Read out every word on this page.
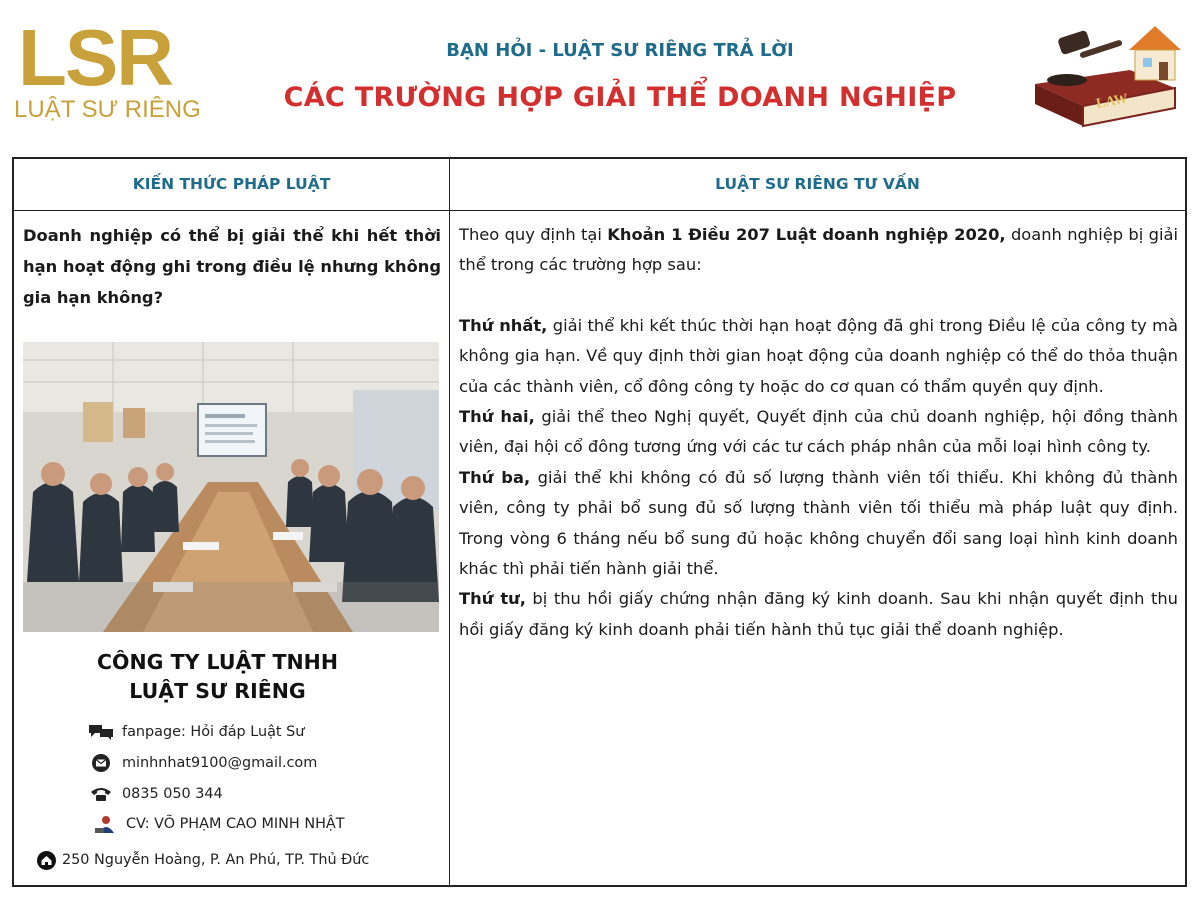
LSR
LUẬT SƯ RIÊNG
BẠN HỎI - LUẬT SƯ RIÊNG TRẢ LỜI
CÁC TRƯỜNG HỢP GIẢI THỂ DOANH NGHIỆP	LAW
KIẾN THỨC PHÁP LUẬT	LUẬT SƯ RIÊNG TƯ VẤN
Doanh nghiệp có thể bị giải thể khi hết thời hạn hoạt động ghi trong điều lệ nhưng không gia hạn không?
CÔNG TY LUẬT TNHH
LUẬT SƯ RIÊNG
fanpage: Hỏi đáp Luật Sư
minhnhat9100@gmail.com
0835 050 344
CV: VÕ PHẠM CAO MINH NHẬT
250 Nguyễn Hoàng, P. An Phú, TP. Thủ Đức

Theo quy định tại Khoản 1 Điều 207 Luật doanh nghiệp 2020, doanh nghiệp bị giải thể trong các trường hợp sau:

Thứ nhất, giải thể khi kết thúc thời hạn hoạt động đã ghi trong Điều lệ của công ty mà không gia hạn. Về quy định thời gian hoạt động của doanh nghiệp có thể do thỏa thuận của các thành viên, cổ đông công ty hoặc do cơ quan có thẩm quyền quy định.

Thứ hai, giải thể theo Nghị quyết, Quyết định của chủ doanh nghiệp, hội đồng thành viên, đại hội cổ đông tương ứng với các tư cách pháp nhân của mỗi loại hình công ty.

Thứ ba, giải thể khi không có đủ số lượng thành viên tối thiểu. Khi không đủ thành viên, công ty phải bổ sung đủ số lượng thành viên tối thiểu mà pháp luật quy định. Trong vòng 6 tháng nếu bổ sung đủ hoặc không chuyển đổi sang loại hình kinh doanh khác thì phải tiến hành giải thể.

Thứ tư, bị thu hồi giấy chứng nhận đăng ký kinh doanh. Sau khi nhận quyết định thu hồi giấy đăng ký kinh doanh phải tiến hành thủ tục giải thể doanh nghiệp.
